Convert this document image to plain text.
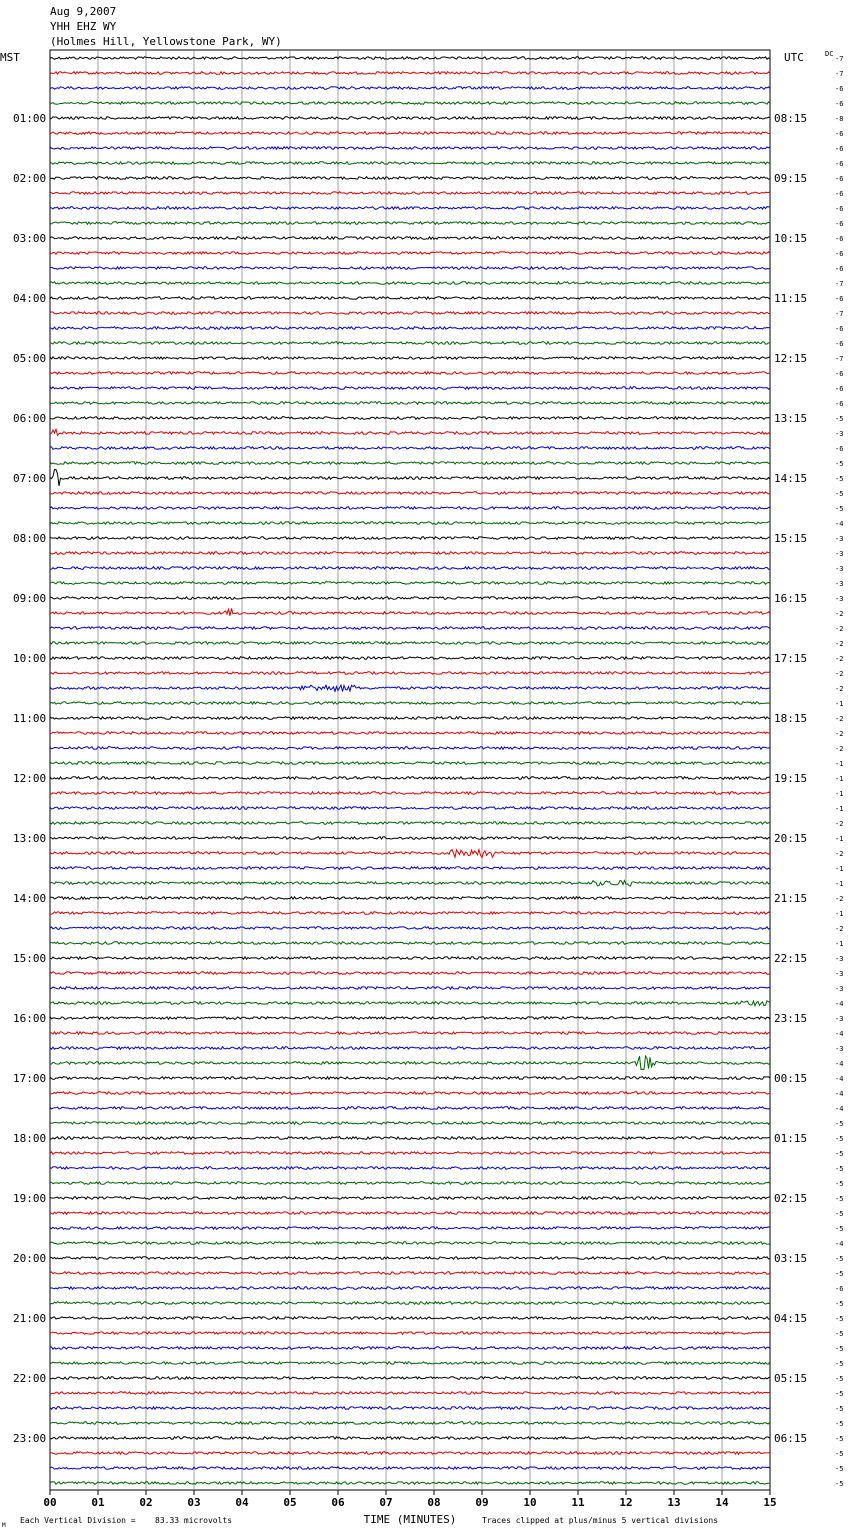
Aug 9,2007
YHH EHZ WY
(Holmes Hill, Yellowstone Park, WY)
00	01	02	03	04	05	06	07	08	09	10	11	12	13	14	15
-7
-7
-6
-6
-8
01:00	08:15
-6
-6
-6
-6
02:00	09:15
-6
-6
-6
-6
03:00	10:15
-6
-6
-7
-6
04:00	11:15
-7
-6
-6
-7
05:00	12:15
-6
-6
-6
-5
06:00	13:15
-3
-6
-5
-5
07:00	14:15
-5
-5
-4
-3
08:00	15:15
-3
-3
-3
-3
09:00	16:15
-2
-2
-2
-2
10:00	17:15
-2
-2
-1
-2
11:00	18:15
-2
-2
-1
-1
12:00	19:15
-1
-1
-2
-1
13:00	20:15
-2
-1
-1
-2
14:00	21:15
-1
-2
-1
-3
15:00	22:15
-3
-3
-4
-3
16:00	23:15
-4
-3
-4
-4
17:00	00:15
-4
-4
-5
-5
18:00	01:15
-5
-5
-5
-5
19:00	02:15
-5
-5
-4
-5
20:00	03:15
-5
-6
-5
-5
21:00	04:15
-5
-5
-5
-5
22:00	05:15
-5
-5
-5
-5
23:00	06:15
-5
-5
-5
MST	UTC	DC
TIME (MINUTES)
Each Vertical Division = 83.33 microvolts	Traces clipped at plus/minus 5 vertical divisions
M
